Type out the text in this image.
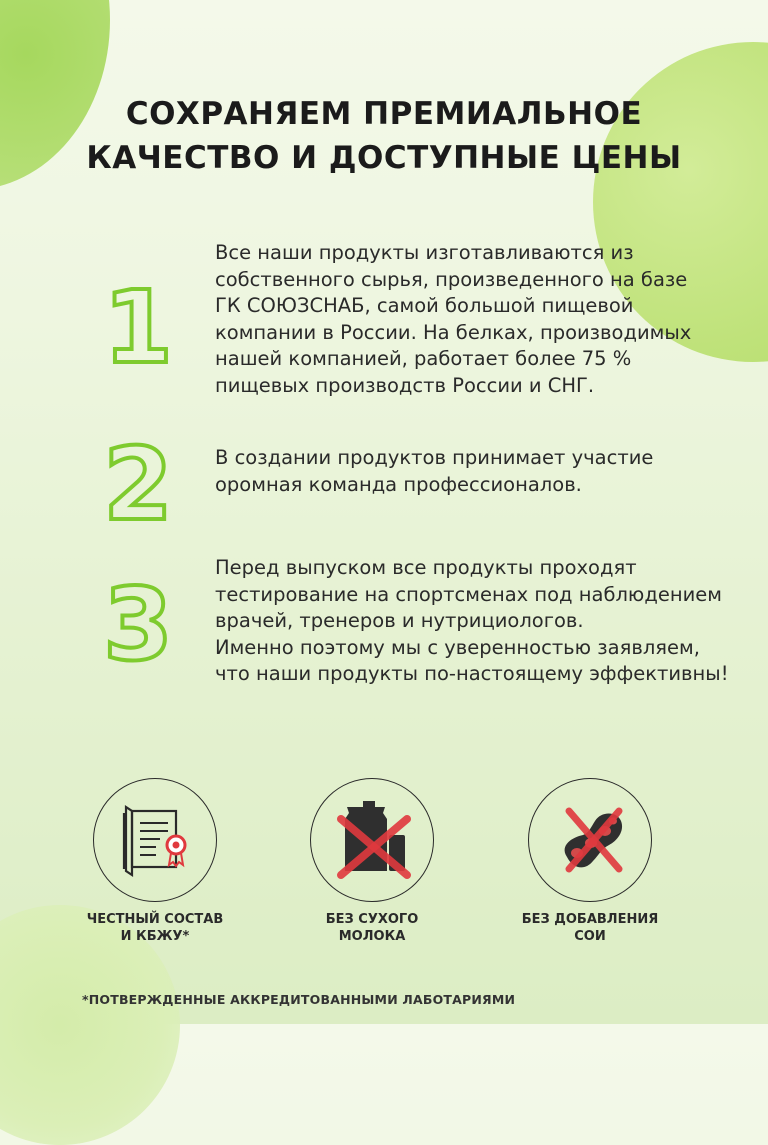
СОХРАНЯЕМ ПРЕМИАЛЬНОЕ
КАЧЕСТВО И ДОСТУПНЫЕ ЦЕНЫ
1
Все наши продукты изготавливаются из
собственного сырья, произведенного на базе
ГК СОЮЗСНАБ, самой большой пищевой
компании в России. На белках, производимых
нашей компанией, работает более 75 %
пищевых производств России и СНГ.
2 В создании продуктов принимает участие
оромная команда профессионалов.
3 Перед выпуском все продукты проходят
тестирование на спортсменах под наблюдением
врачей, тренеров и нутрициологов.
Именно поэтому мы с уверенностью заявляем,
что наши продукты по-настоящему эффективны!
ЧЕСТНЫЙ СОСТАВ
И КБЖУ*
БЕЗ СУХОГО
МОЛОКА
БЕЗ ДОБАВЛЕНИЯ
СОИ
*ПОТВЕРЖДЕННЫЕ АККРЕДИТОВАННЫМИ ЛАБОТАРИЯМИ
